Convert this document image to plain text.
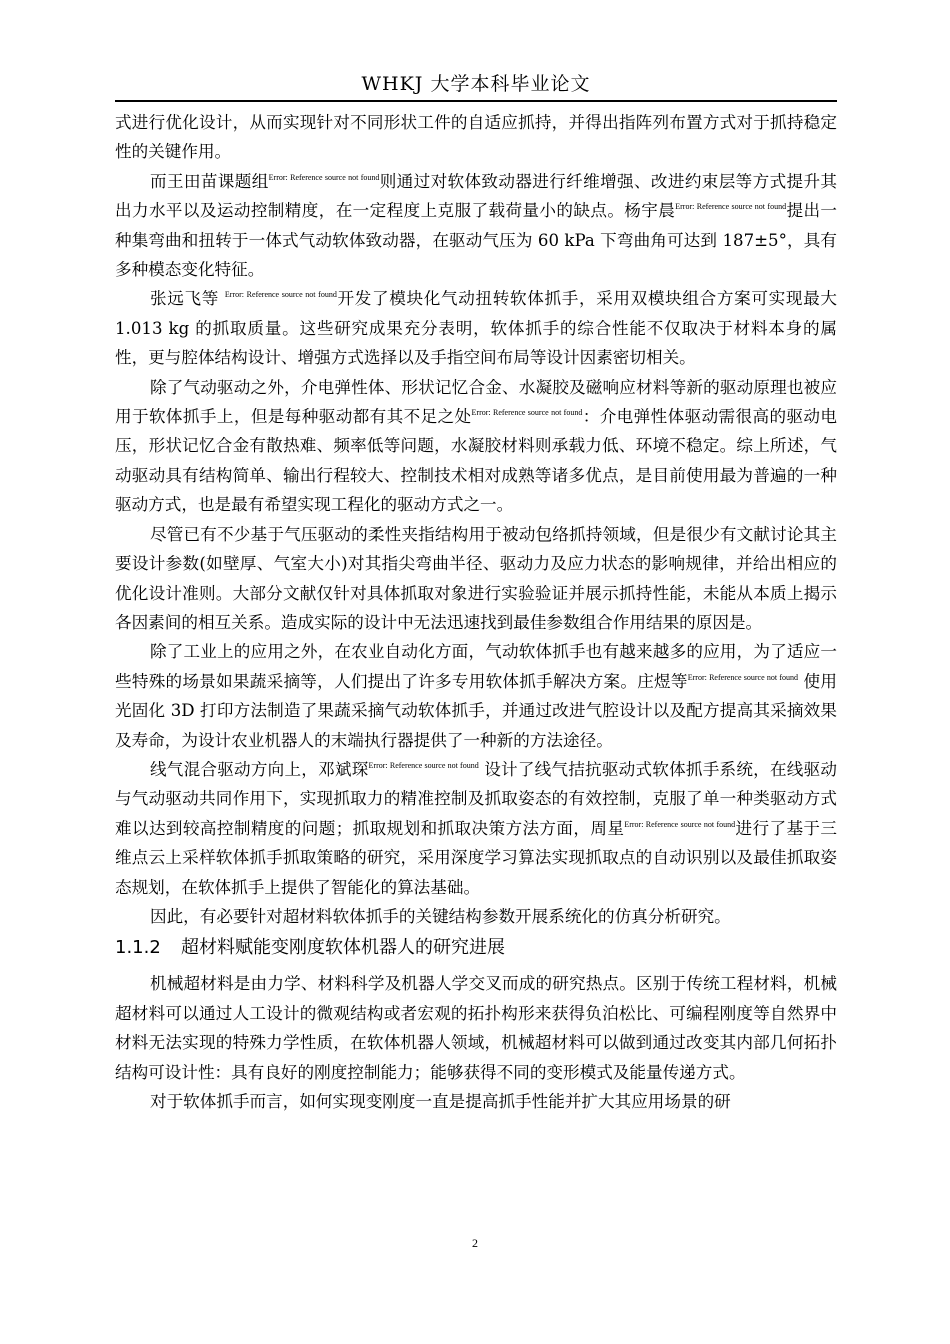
WHKJ 大学本科毕业论文

式进行优化设计，从而实现针对不同形状工件的自适应抓持，并得出指阵列布置方式对于抓持稳定性的关键作用。

而王田苗课题组$^{Error: Reference source not found}$则通过对软体致动器进行纤维增强、改进约束层等方式提升其出力水平以及运动控制精度，在一定程度上克服了载荷量小的缺点。杨宇晨$^{Error: Reference source not found}$提出一种集弯曲和扭转于一体式气动软体致动器，在驱动气压为 60 kPa 下弯曲角可达到 187±5°，具有多种模态变化特征。

张远飞等 $^{Error: Reference source not found}$开发了模块化气动扭转软体抓手，采用双模块组合方案可实现最大 1.013 kg 的抓取质量。这些研究成果充分表明，软体抓手的综合性能不仅取决于材料本身的属性，更与腔体结构设计、增强方式选择以及手指空间布局等设计因素密切相关。

除了气动驱动之外，介电弹性体、形状记忆合金、水凝胶及磁响应材料等新的驱动原理也被应用于软体抓手上，但是每种驱动都有其不足之处$^{Error: Reference source not found}$：介电弹性体驱动需很高的驱动电压，形状记忆合金有散热难、频率低等问题，水凝胶材料则承载力低、环境不稳定。综上所述，气动驱动具有结构简单、输出行程较大、控制技术相对成熟等诸多优点，是目前使用最为普遍的一种驱动方式，也是最有希望实现工程化的驱动方式之一。

尽管已有不少基于气压驱动的柔性夹指结构用于被动包络抓持领域，但是很少有文献讨论其主要设计参数(如壁厚、气室大小)对其指尖弯曲半径、驱动力及应力状态的影响规律，并给出相应的优化设计准则。大部分文献仅针对具体抓取对象进行实验验证并展示抓持性能，未能从本质上揭示各因素间的相互关系。造成实际的设计中无法迅速找到最佳参数组合作用结果的原因是。

除了工业上的应用之外，在农业自动化方面，气动软体抓手也有越来越多的应用，为了适应一些特殊的场景如果蔬采摘等，人们提出了许多专用软体抓手解决方案。庄煜等$^{Error: Reference source not found}$ 使用光固化 3D 打印方法制造了果蔬采摘气动软体抓手，并通过改进气腔设计以及配方提高其采摘效果及寿命，为设计农业机器人的末端执行器提供了一种新的方法途径。

线气混合驱动方向上，邓斌琛$^{Error: Reference source not found}$ 设计了线气拮抗驱动式软体抓手系统，在线驱动与气动驱动共同作用下，实现抓取力的精准控制及抓取姿态的有效控制，克服了单一种类驱动方式难以达到较高控制精度的问题；抓取规划和抓取决策方法方面，周星$^{Error: Reference source not found}$进行了基于三维点云上采样软体抓手抓取策略的研究，采用深度学习算法实现抓取点的自动识别以及最佳抓取姿态规划，在软体抓手上提供了智能化的算法基础。

因此，有必要针对超材料软体抓手的关键结构参数开展系统化的仿真分析研究。

1.1.2 超材料赋能变刚度软体机器人的研究进展

机械超材料是由力学、材料科学及机器人学交叉而成的研究热点。区别于传统工程材料，机械超材料可以通过人工设计的微观结构或者宏观的拓扑构形来获得负泊松比、可编程刚度等自然界中材料无法实现的特殊力学性质，在软体机器人领域，机械超材料可以做到通过改变其内部几何拓扑结构可设计性：具有良好的刚度控制能力；能够获得不同的变形模式及能量传递方式。

对于软体抓手而言，如何实现变刚度一直是提高抓手性能并扩大其应用场景的研

2
